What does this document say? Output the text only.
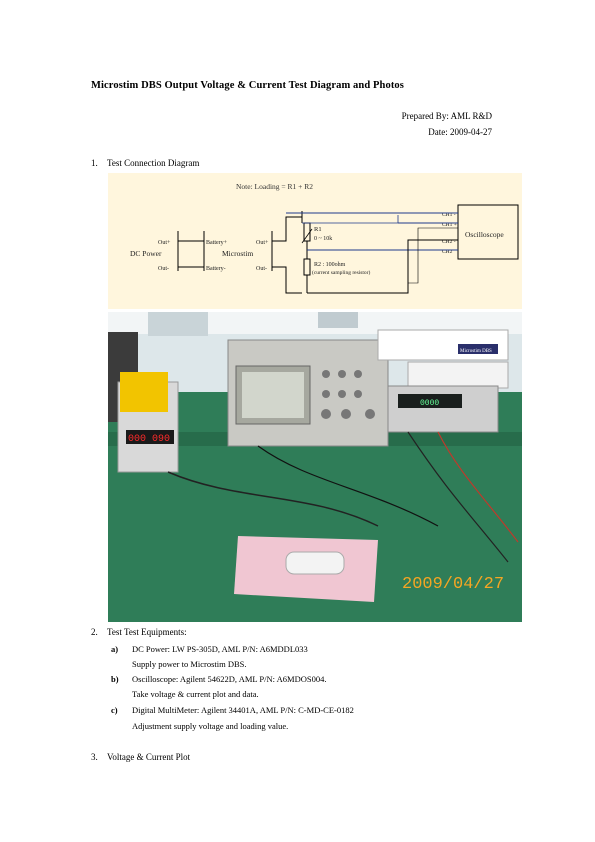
Microstim DBS Output Voltage & Current Test Diagram and Photos
Prepared By: AML R&D
Date: 2009-04-27
1. Test Connection Diagram
Note: Loading = R1 + R2
DC Power
Out+
Out-
Microstim
Battery+
Battery-
Out+
Out-
R1
0 ~ 10k
R2 : 100ohm
(current sampling resistor)
Oscilloscope
CH1 -
CH1 +
CH2 -
CH2
000 090
Microstim DBS
0000
2009/04/27
2. Test Test Equipments:
a) DC Power: LW PS-305D, AML P/N: A6MDDL033
Supply power to Microstim DBS.
b) Oscilloscope: Agilent 54622D, AML P/N: A6MDOS004.
Take voltage & current plot and data.
c) Digital MultiMeter: Agilent 34401A, AML P/N: C-MD-CE-0182
Adjustment supply voltage and loading value.
3. Voltage & Current Plot
